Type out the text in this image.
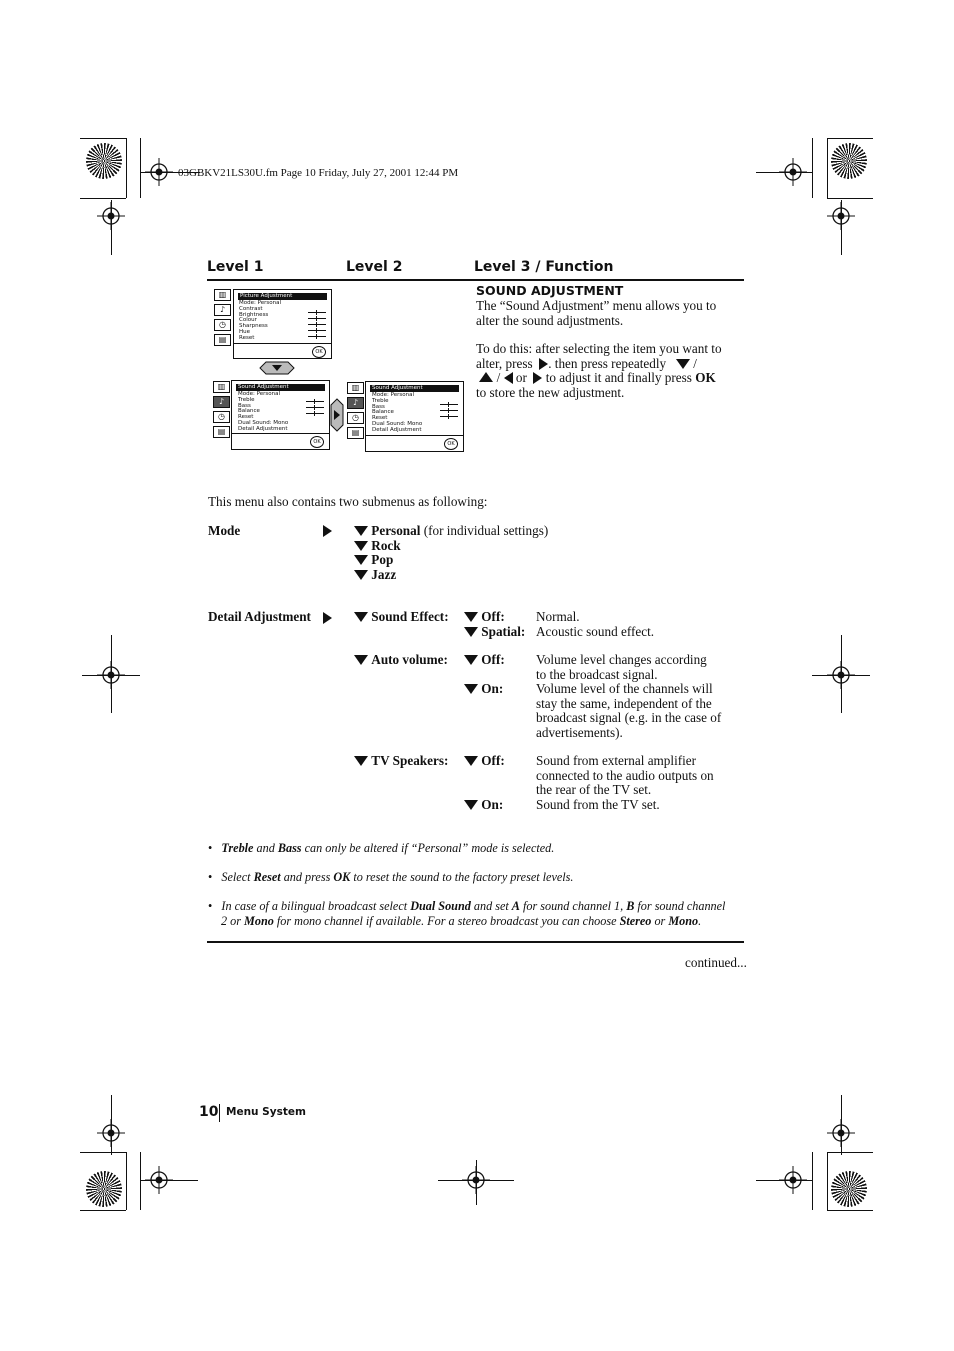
03GBKV21LS30U.fm Page 10 Friday, July 27, 2001 12:44 PM
Level 1	Level 2	Level 3 / Function
▥
♪
◷
▤
Picture Adjustment
Mode: Personal
Contrast
Brightness
Colour
Sharpness
Hue
Reset
OK
▥
♪
◷
▤
Sound Adjustment
Mode: Personal
Treble
Bass
Balance
Reset
Dual Sound: Mono
Detail Adjustment
OK
▥
♪
◷
▤
Sound Adjustment
Mode: Personal
Treble
Bass
Balance
Reset
Dual Sound: Mono
Detail Adjustment
OK
SOUND ADJUSTMENT
The “Sound Adjustment” menu allows you to
alter the sound adjustments.
To do this: after selecting the item you want to
alter, press . then press repeatedly /
/ or to adjust it and finally press OK
to store the new adjustment.
This menu also contains two submenus as following:
Mode	Personal (for individual settings)
Rock
Pop
Jazz
Detail Adjustment	Sound Effect:	Off: Normal.
Spatial: Acoustic sound effect.
Auto volume:	Off: Volume level changes according
to the broadcast signal.
On: Volume level of the channels will
stay the same, independent of the
broadcast signal (e.g. in the case of
advertisements).
TV Speakers:	Off: Sound from external amplifier
connected to the audio outputs on
the rear of the TV set.
On: Sound from the TV set.
•   Treble and Bass can only be altered if “Personal” mode is selected.
•   Select Reset and press OK to reset the sound to the factory preset levels.
•   In case of a bilingual broadcast select Dual Sound and set A for sound channel 1, B for sound channel
2 or Mono for mono channel if available. For a stereo broadcast you can choose Stereo or Mono.
continued...
10 Menu System
